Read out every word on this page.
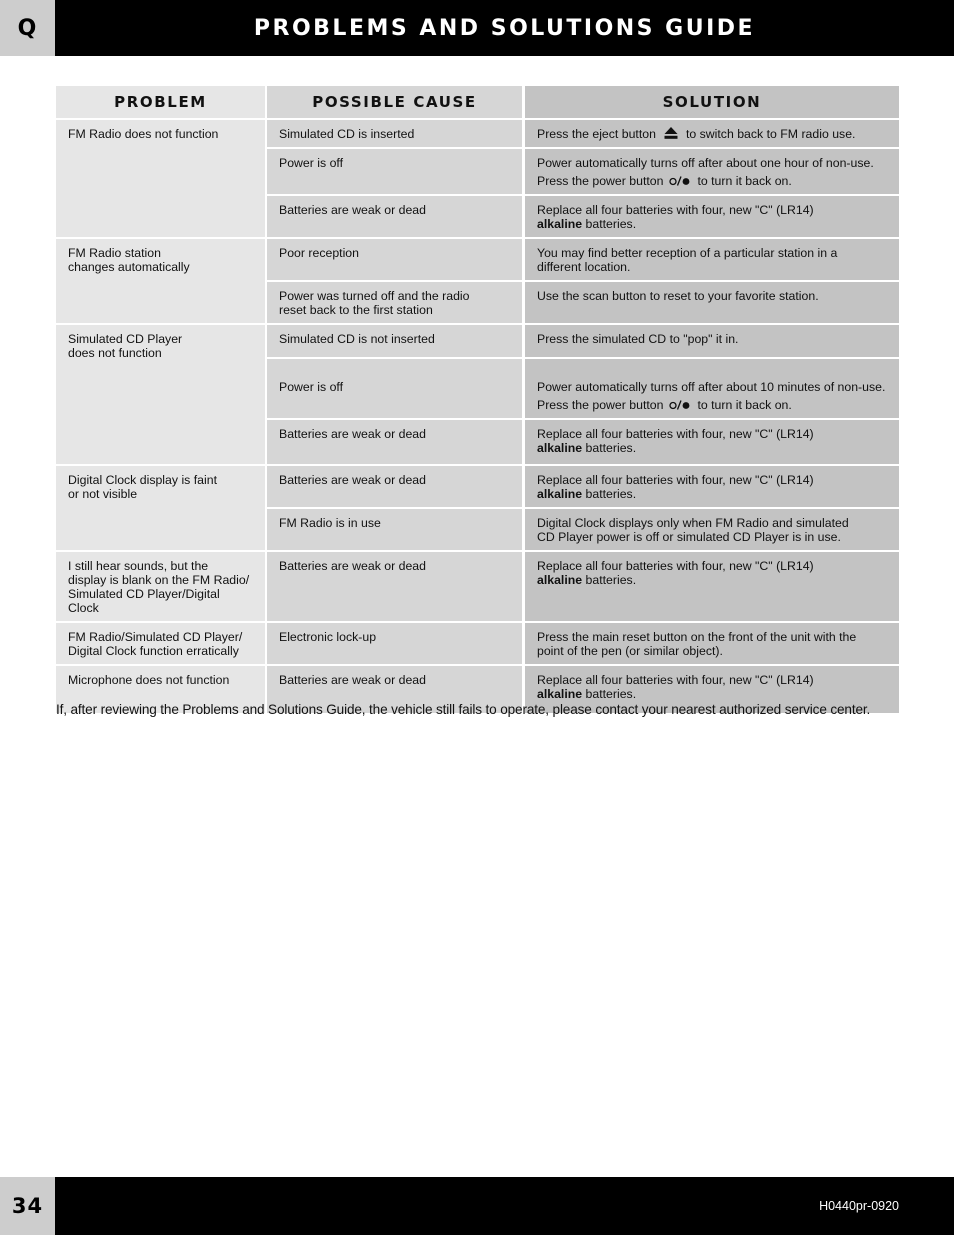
Q	PROBLEMS AND SOLUTIONS GUIDE
PROBLEM	POSSIBLE CAUSE	SOLUTION

FM Radio does not function	Simulated CD is inserted	Press the eject button to switch back to FM radio use.

	Power is off	Power automatically turns off after about one hour of non-use.
Press the power button to turn it back on.

	Batteries are weak or dead	Replace all four batteries with four, new "C" (LR14)
alkaline batteries.

FM Radio station
changes automatically	Poor reception	You may find better reception of a particular station in a
different location.

	Power was turned off and the radio
reset back to the first station	Use the scan button to reset to your favorite station.

Simulated CD Player
does not function	Simulated CD is not inserted	Press the simulated CD to "pop" it in.

	Power is off	Power automatically turns off after about 10 minutes of non-use.
Press the power button to turn it back on.

	Batteries are weak or dead	Replace all four batteries with four, new "C" (LR14)
alkaline batteries.

Digital Clock display is faint
or not visible	Batteries are weak or dead	Replace all four batteries with four, new "C" (LR14)
alkaline batteries.

	FM Radio is in use	Digital Clock displays only when FM Radio and simulated
CD Player power is off or simulated CD Player is in use.

I still hear sounds, but the
display is blank on the FM Radio/
Simulated CD Player/Digital Clock	Batteries are weak or dead	Replace all four batteries with four, new "C" (LR14)
alkaline batteries.

FM Radio/Simulated CD Player/
Digital Clock function erratically	Electronic lock-up	Press the main reset button on the front of the unit with the
point of the pen (or similar object).

Microphone does not function	Batteries are weak or dead	Replace all four batteries with four, new "C" (LR14)
alkaline batteries.

If, after reviewing the Problems and Solutions Guide, the vehicle still fails to operate, please contact your nearest authorized service center.

34	H0440pr-0920
